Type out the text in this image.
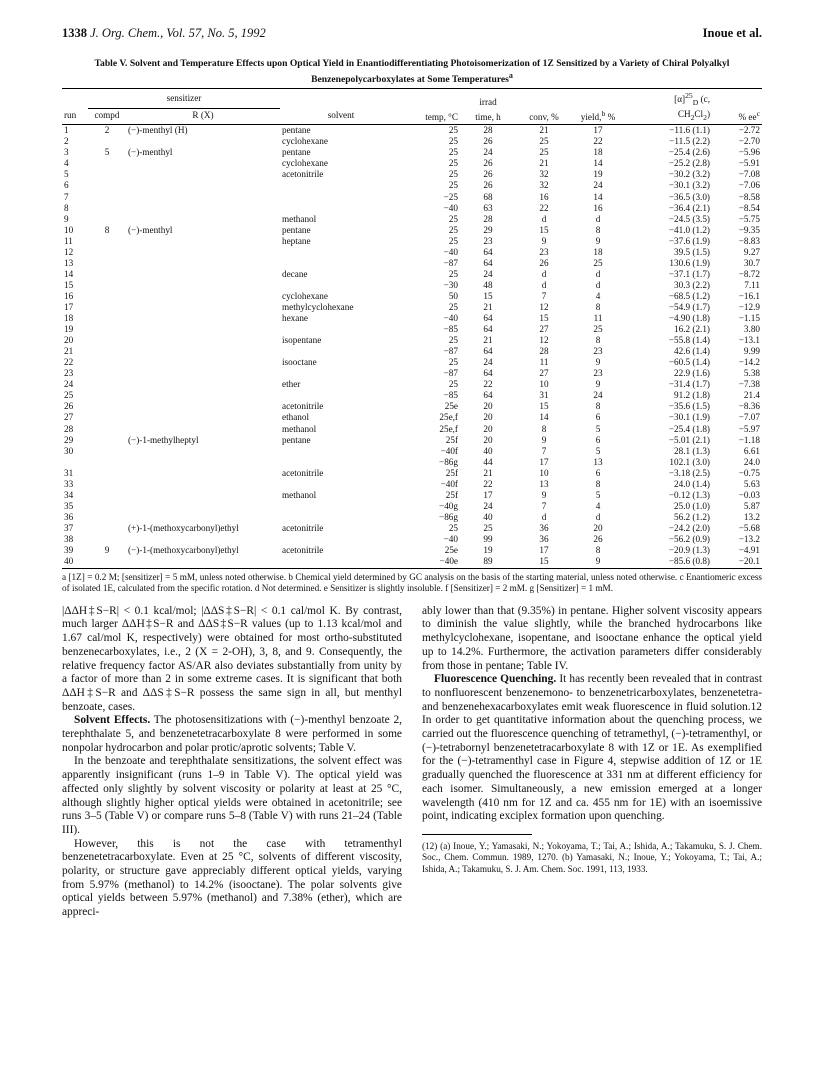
1338 J. Org. Chem., Vol. 57, No. 5, 1992	Inoue et al.
Table V. Solvent and Temperature Effects upon Optical Yield in Enantiodifferentiating Photoisomerization of 1Z Sensitized by a Variety of Chiral Polyalkyl Benzenepolycarboxylates at Some Temperatures$^a$
	sensitizer				irrad			$[\alpha]^{25}_D$ (c,	
run	compd	R (X)	solvent	temp, °C	time, h	conv, %	yield,$^b$ %	$CH_2Cl_2$)	% $ee^c$
1	2	(−)-menthyl (H)	pentane	25	28	21	17	−11.6 (1.1)	−2.72
2			cyclohexane	25	26	25	22	−11.5 (2.2)	−2.70
3	5	(−)-menthyl	pentane	25	24	25	18	−25.4 (2.6)	−5.96
4			cyclohexane	25	26	21	14	−25.2 (2.8)	−5.91
5			acetonitrile	25	26	32	19	−30.2 (3.2)	−7.08
6				25	26	32	24	−30.1 (3.2)	−7.06
7				−25	68	16	14	−36.5 (3.0)	−8.58
8				−40	63	22	16	−36.4 (2.1)	−8.54
9			methanol	25	28	d	d	−24.5 (3.5)	−5.75
10	8	(−)-menthyl	pentane	25	29	15	8	−41.0 (1.2)	−9.35
11			heptane	25	23	9	9	−37.6 (1.9)	−8.83
12				−40	64	23	18	39.5 (1.5)	9.27
13				−87	64	26	25	130.6 (1.9)	30.7
14			decane	25	24	d	d	−37.1 (1.7)	−8.72
15				−30	48	d	d	30.3 (2.2)	7.11
16			cyclohexane	50	15	7	4	−68.5 (1.2)	−16.1
17			methylcyclohexane	25	21	12	8	−54.9 (1.7)	−12.9
18			hexane	−40	64	15	11	−4.90 (1.8)	−1.15
19				−85	64	27	25	16.2 (2.1)	3.80
20			isopentane	25	21	12	8	−55.8 (1.4)	−13.1
21				−87	64	28	23	42.6 (1.4)	9.99
22			isooctane	25	24	11	9	−60.5 (1.4)	−14.2
23				−87	64	27	23	22.9 (1.6)	5.38
24			ether	25	22	10	9	−31.4 (1.7)	−7.38
25				−85	64	31	24	91.2 (1.8)	21.4
26			acetonitrile	25e	20	15	8	−35.6 (1.5)	−8.36
27			ethanol	25e,f	20	14	6	−30.1 (1.9)	−7.07
28			methanol	25e,f	20	8	5	−25.4 (1.8)	−5.97
29		(−)-1-methylheptyl	pentane	25f	20	9	6	−5.01 (2.1)	−1.18
30				−40f	40	7	5	28.1 (1.3)	6.61
				−86g	44	17	13	102.1 (3.0)	24.0
31			acetonitrile	25f	21	10	6	−3.18 (2.5)	−0.75
33				−40f	22	13	8	24.0 (1.4)	5.63
34			methanol	25f	17	9	5	−0.12 (1.3)	−0.03
35				−40g	24	7	4	25.0 (1.0)	5.87
36				−86g	40	d	d	56.2 (1.2)	13.2
37		(+)-1-(methoxycarbonyl)ethyl	acetonitrile	25	25	36	20	−24.2 (2.0)	−5.68
38				−40	99	36	26	−56.2 (0.9)	−13.2
39	9	(−)-1-(methoxycarbonyl)ethyl	acetonitrile	25e	19	17	8	−20.9 (1.3)	−4.91
40				−40e	89	15	9	−85.6 (0.8)	−20.1
a [1Z] = 0.2 M; [sensitizer] = 5 mM, unless noted otherwise. b Chemical yield determined by GC analysis on the basis of the starting material, unless noted otherwise. c Enantiomeric excess of isolated 1E, calculated from the specific rotation. d Not determined. e Sensitizer is slightly insoluble. f [Sensitizer] = 2 mM. g [Sensitizer] = 1 mM.

|ΔΔH‡S−R| < 0.1 kcal/mol; |ΔΔS‡S−R| < 0.1 cal/mol K. By contrast, much larger ΔΔH‡S−R and ΔΔS‡S−R values (up to 1.13 kcal/mol and 1.67 cal/mol K, respectively) were obtained for most ortho-substituted benzenecarboxylates, i.e., 2 (X = 2-OH), 3, 8, and 9. Consequently, the relative frequency factor AS/AR also deviates substantially from unity by a factor of more than 2 in some extreme cases. It is significant that both ΔΔH‡S−R and ΔΔS‡S−R possess the same sign in all, but menthyl benzoate, cases.

Solvent Effects. The photosensitizations with (−)-menthyl benzoate 2, terephthalate 5, and benzenetetracarboxylate 8 were performed in some nonpolar hydrocarbon and polar protic/aprotic solvents; Table V.

In the benzoate and terephthalate sensitizations, the solvent effect was apparently insignificant (runs 1–9 in Table V). The optical yield was affected only slightly by solvent viscosity or polarity at least at 25 °C, although slightly higher optical yields were obtained in acetonitrile; see runs 3–5 (Table V) or compare runs 5–8 (Table V) with runs 21–24 (Table III).

However, this is not the case with tetramenthyl benzenetetracarboxylate. Even at 25 °C, solvents of different viscosity, polarity, or structure gave appreciably different optical yields, varying from 5.97% (methanol) to 14.2% (isooctane). The polar solvents give optical yields between 5.97% (methanol) and 7.38% (ether), which are appreci-

ably lower than that (9.35%) in pentane. Higher solvent viscosity appears to diminish the value slightly, while the branched hydrocarbons like methylcyclohexane, isopentane, and isooctane enhance the optical yield up to 14.2%. Furthermore, the activation parameters differ considerably from those in pentane; Table IV.

Fluorescence Quenching. It has recently been revealed that in contrast to nonfluorescent benzenemono- to benzenetricarboxylates, benzenetetra- and benzenehexacarboxylates emit weak fluorescence in fluid solution.12 In order to get quantitative information about the quenching process, we carried out the fluorescence quenching of tetramethyl, (−)-tetramenthyl, or (−)-tetrabornyl benzenetetracarboxylate 8 with 1Z or 1E. As exemplified for the (−)-tetramenthyl case in Figure 4, stepwise addition of 1Z or 1E gradually quenched the fluorescence at 331 nm at different efficiency for each isomer. Simultaneously, a new emission emerged at a longer wavelength (410 nm for 1Z and ca. 455 nm for 1E) with an isoemissive point, indicating exciplex formation upon quenching.

(12) (a) Inoue, Y.; Yamasaki, N.; Yokoyama, T.; Tai, A.; Ishida, A.; Takamuku, S. J. Chem. Soc., Chem. Commun. 1989, 1270. (b) Yamasaki, N.; Inoue, Y.; Yokoyama, T.; Tai, A.; Ishida, A.; Takamuku, S. J. Am. Chem. Soc. 1991, 113, 1933.
